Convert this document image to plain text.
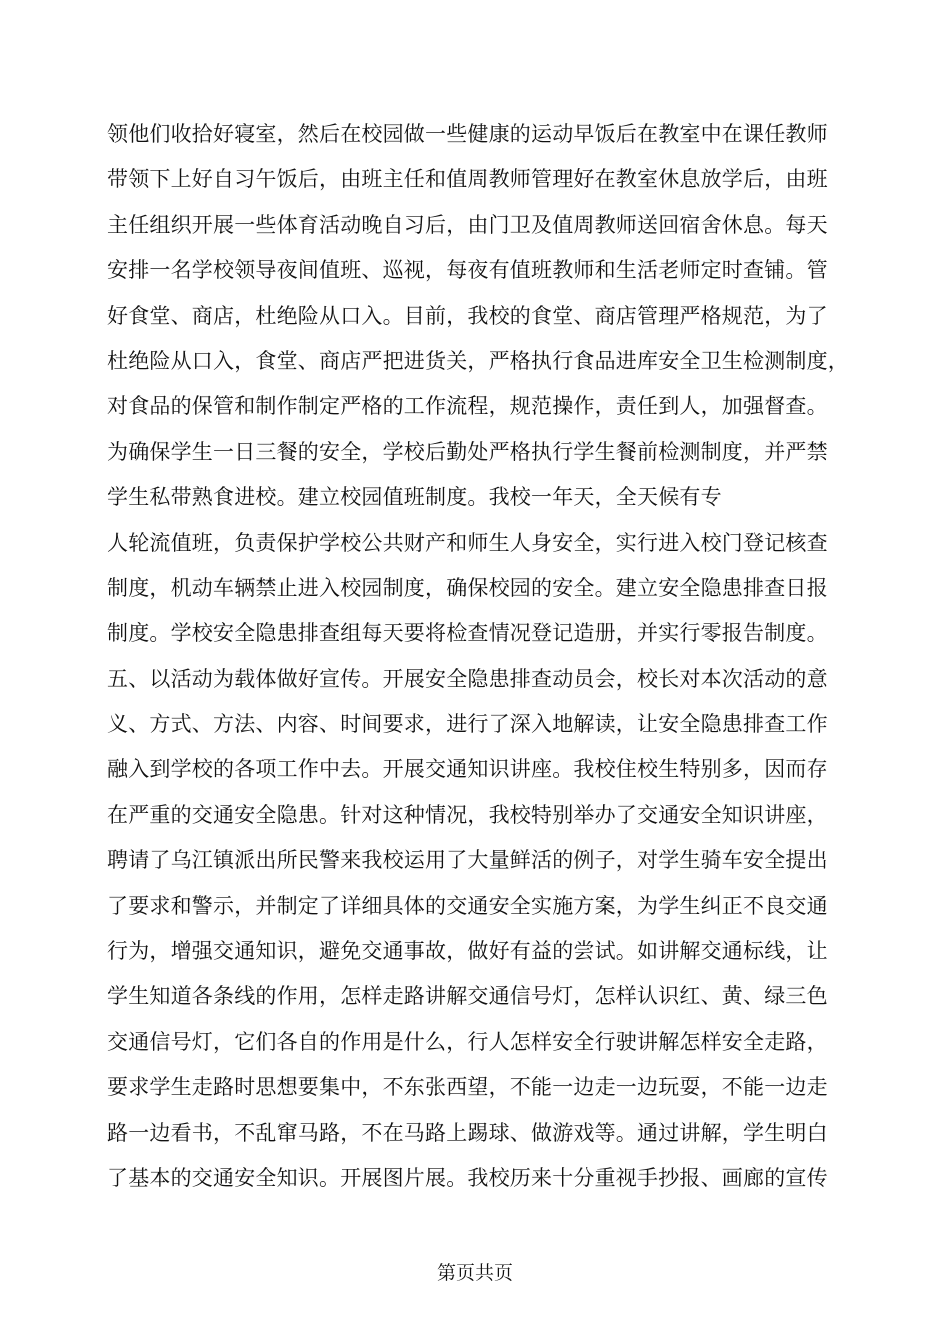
领他们收拾好寝室，然后在校园做一些健康的运动早饭后在教室中在课任教师
带领下上好自习午饭后，由班主任和值周教师管理好在教室休息放学后，由班
主任组织开展一些体育活动晚自习后，由门卫及值周教师送回宿舍休息。每天
安排一名学校领导夜间值班、巡视，每夜有值班教师和生活老师定时查铺。管
好食堂、商店，杜绝险从口入。目前，我校的食堂、商店管理严格规范，为了
杜绝险从口入，食堂、商店严把进货关，严格执行食品进库安全卫生检测制度，
对食品的保管和制作制定严格的工作流程，规范操作，责任到人，加强督查。
为确保学生一日三餐的安全，学校后勤处严格执行学生餐前检测制度，并严禁
学生私带熟食进校。建立校园值班制度。我校一年天，全天候有专
人轮流值班，负责保护学校公共财产和师生人身安全，实行进入校门登记核查
制度，机动车辆禁止进入校园制度，确保校园的安全。建立安全隐患排查日报
制度。学校安全隐患排查组每天要将检查情况登记造册，并实行零报告制度。
五、以活动为载体做好宣传。开展安全隐患排查动员会，校长对本次活动的意
义、方式、方法、内容、时间要求，进行了深入地解读，让安全隐患排查工作
融入到学校的各项工作中去。开展交通知识讲座。我校住校生特别多，因而存
在严重的交通安全隐患。针对这种情况，我校特别举办了交通安全知识讲座，
聘请了乌江镇派出所民警来我校运用了大量鲜活的例子，对学生骑车安全提出
了要求和警示，并制定了详细具体的交通安全实施方案，为学生纠正不良交通
行为，增强交通知识，避免交通事故，做好有益的尝试。如讲解交通标线，让
学生知道各条线的作用，怎样走路讲解交通信号灯，怎样认识红、黄、绿三色
交通信号灯，它们各自的作用是什么，行人怎样安全行驶讲解怎样安全走路，
要求学生走路时思想要集中，不东张西望，不能一边走一边玩耍，不能一边走
路一边看书，不乱窜马路，不在马路上踢球、做游戏等。通过讲解，学生明白
了基本的交通安全知识。开展图片展。我校历来十分重视手抄报、画廊的宣传
第页共页
